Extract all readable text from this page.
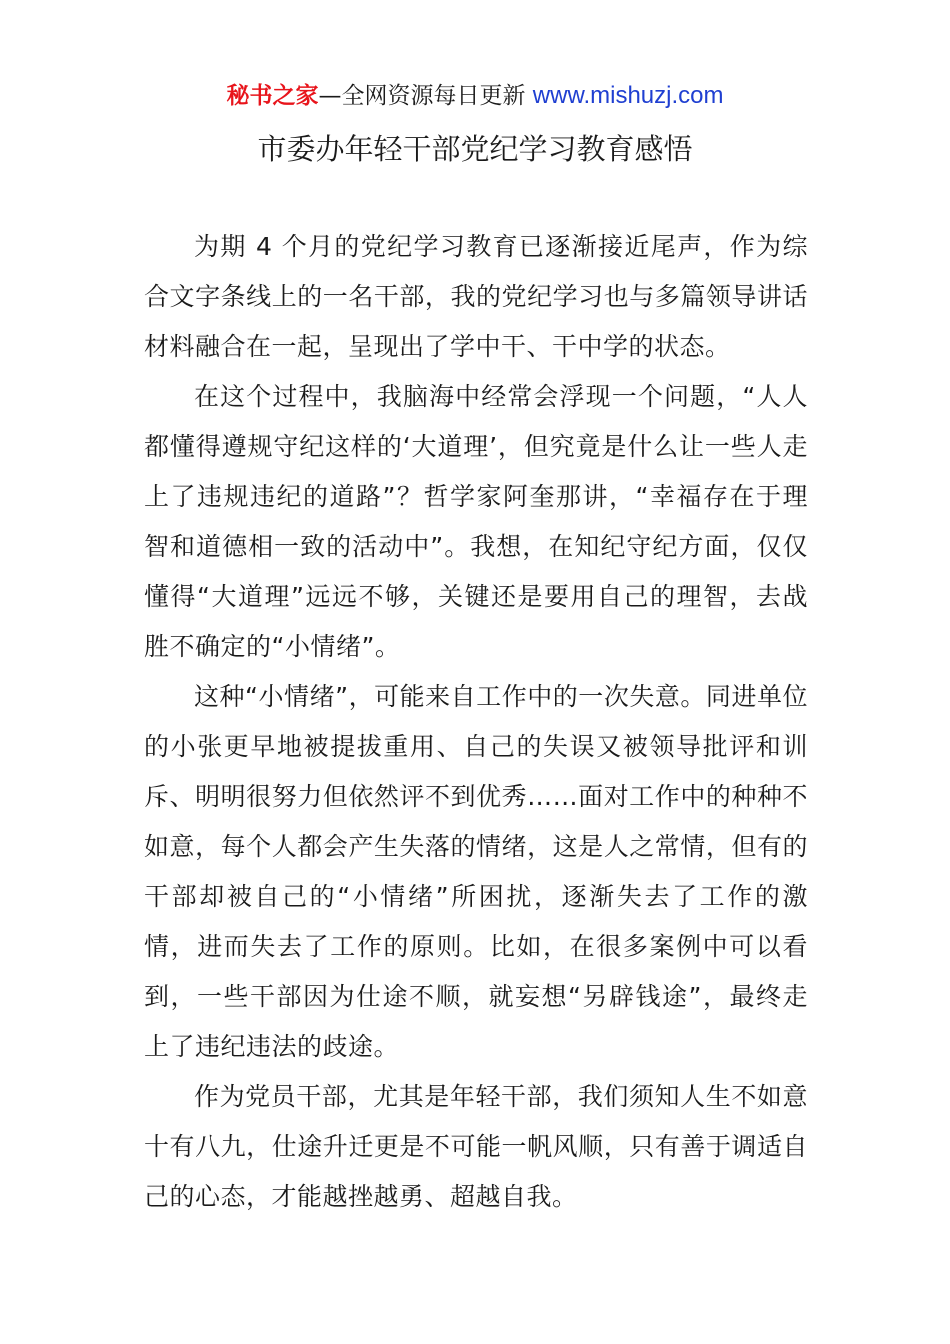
秘书之家—全网资源每日更新 www.mishuzj.com
市委办年轻干部党纪学习教育感悟

为期 4 个月的党纪学习教育已逐渐接近尾声，作为综合文字条线上的一名干部，我的党纪学习也与多篇领导讲话材料融合在一起，呈现出了学中干、干中学的状态。

在这个过程中，我脑海中经常会浮现一个问题，“人人都懂得遵规守纪这样的‘大道理’，但究竟是什么让一些人走上了违规违纪的道路”？哲学家阿奎那讲，“幸福存在于理智和道德相一致的活动中”。我想，在知纪守纪方面，仅仅懂得“大道理”远远不够，关键还是要用自己的理智，去战胜不确定的“小情绪”。

这种“小情绪”，可能来自工作中的一次失意。同进单位的小张更早地被提拔重用、自己的失误又被领导批评和训斥、明明很努力但依然评不到优秀……面对工作中的种种不如意，每个人都会产生失落的情绪，这是人之常情，但有的干部却被自己的“小情绪”所困扰，逐渐失去了工作的激情，进而失去了工作的原则。比如，在很多案例中可以看到，一些干部因为仕途不顺，就妄想“另辟钱途”，最终走上了违纪违法的歧途。

作为党员干部，尤其是年轻干部，我们须知人生不如意十有八九，仕途升迁更是不可能一帆风顺，只有善于调适自己的心态，才能越挫越勇、超越自我。
